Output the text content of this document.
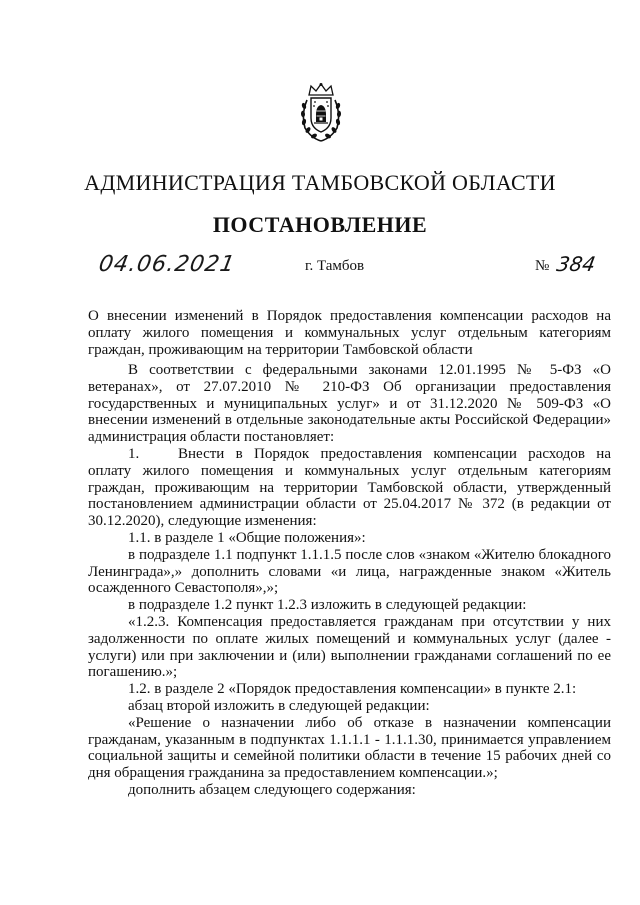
АДМИНИСТРАЦИЯ ТАМБОВСКОЙ ОБЛАСТИ
ПОСТАНОВЛЕНИЕ
04.06.2021	г. Тамбов	№ 384
О внесении изменений в Порядок предоставления компенсации расходов на оплату жилого помещения и коммунальных услуг отдельным категориям граждан, проживающим на территории Тамбовской области

В соответствии с федеральными законами 12.01.1995 № 5-ФЗ «О ветеранах», от 27.07.2010 № 210-ФЗ Об организации предоставления государственных и муниципальных услуг» и от 31.12.2020 № 509-ФЗ «О внесении изменений в отдельные законодательные акты Российской Федерации» администрация области постановляет:

1.	Внести в Порядок предоставления компенсации расходов на оплату жилого помещения и коммунальных услуг отдельным категориям граждан, проживающим на территории Тамбовской области, утвержденный постановлением администрации области от 25.04.2017 № 372 (в редакции от 30.12.2020), следующие изменения:

1.1. в разделе 1 «Общие положения»:

в подразделе 1.1 подпункт 1.1.1.5 после слов «знаком «Жителю блокадного Ленинграда»,» дополнить словами «и лица, награжденные знаком «Житель осажденного Севастополя»,»;

в подразделе 1.2 пункт 1.2.3 изложить в следующей редакции:

«1.2.3. Компенсация предоставляется гражданам при отсутствии у них задолженности по оплате жилых помещений и коммунальных услуг (далее - услуги) или при заключении и (или) выполнении гражданами соглашений по ее погашению.»;

1.2. в разделе 2 «Порядок предоставления компенсации» в пункте 2.1:

абзац второй изложить в следующей редакции:

«Решение о назначении либо об отказе в назначении компенсации гражданам, указанным в подпунктах 1.1.1.1 - 1.1.1.30, принимается управлением социальной защиты и семейной политики области в течение 15 рабочих дней со дня обращения гражданина за предоставлением компенсации.»;

дополнить абзацем следующего содержания:
